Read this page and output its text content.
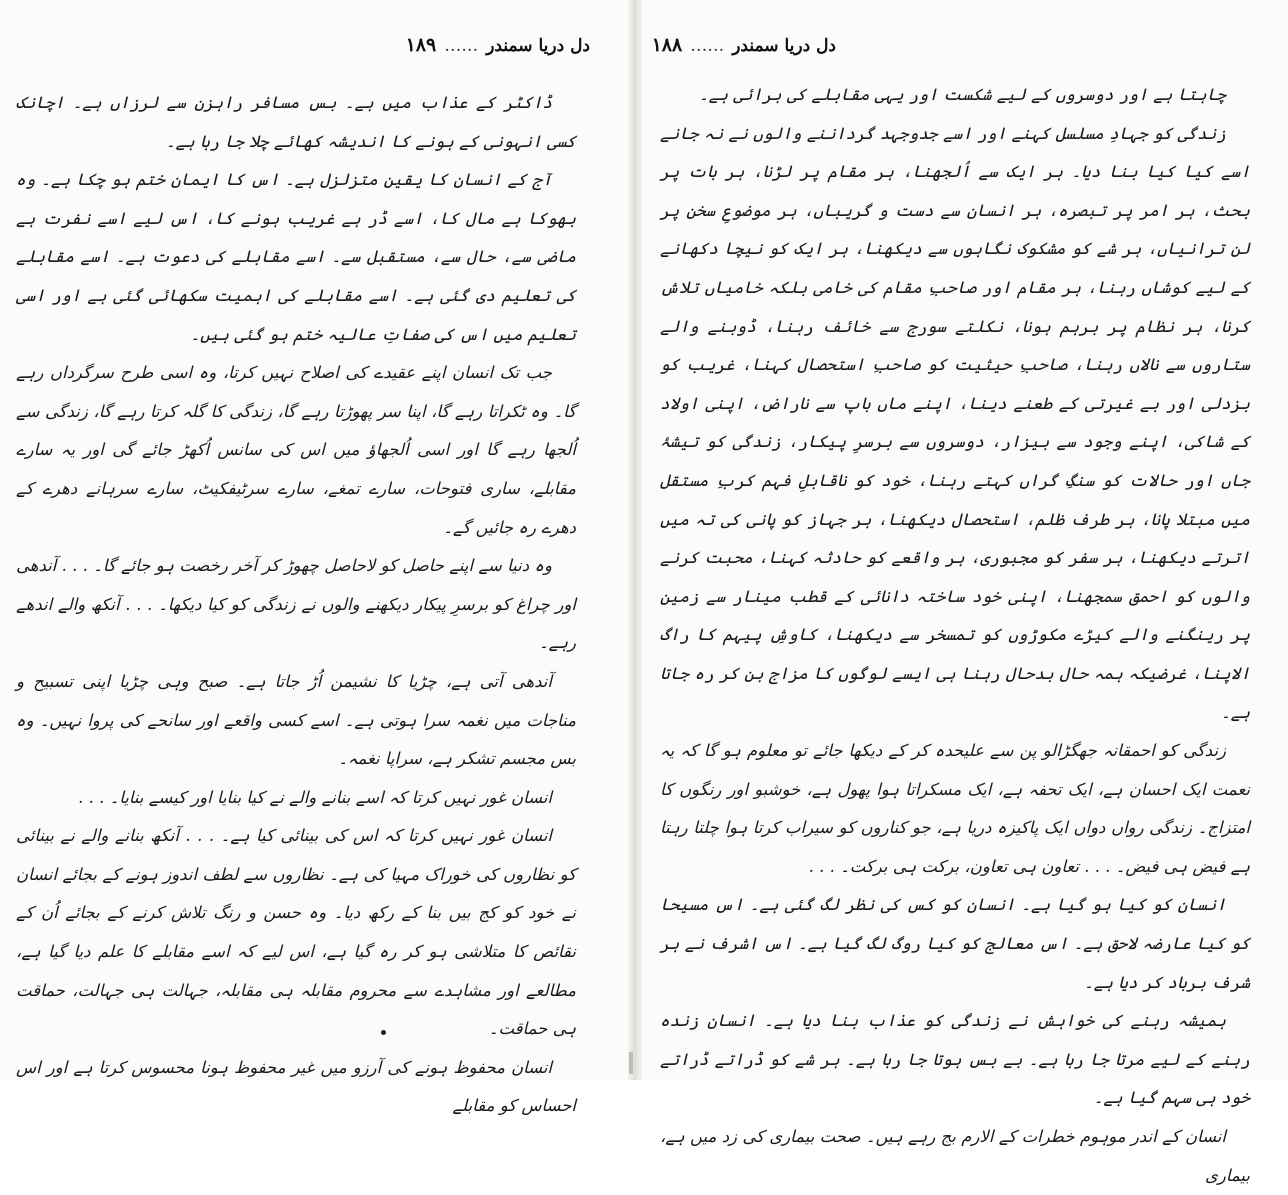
دل دریا سمندر
……
۱۸۹

ڈاکٹر کے عذاب میں ہے۔ بس مسافر راہزن سے لرزاں ہے۔ اچانک کسی انہونی کے ہونے کا اندیشہ کھائے چلا جا رہا ہے۔

آج کے انسان کا یقین متزلزل ہے۔ اس کا ایمان ختم ہو چکا ہے۔ وہ بھوکا ہے مال کا، اسے ڈر ہے غریب ہونے کا، اس لیے اسے نفرت ہے ماضی سے، حال سے، مستقبل سے۔ اسے مقابلے کی دعوت ہے۔ اسے مقابلے کی تعلیم دی گئی ہے۔ اسے مقابلے کی اہمیت سکھائی گئی ہے اور اسی تعلیم میں اس کی صفاتِ عالیہ ختم ہو گئی ہیں۔

جب تک انسان اپنے عقیدے کی اصلاح نہیں کرتا، وہ اسی طرح سرگرداں رہے گا۔ وہ ٹکراتا رہے گا، اپنا سر پھوڑتا رہے گا، زندگی کا گلہ کرتا رہے گا، زندگی سے اُلجھا رہے گا اور اسی اُلجھاؤ میں اس کی سانس اُکھڑ جائے گی اور یہ سارے مقابلے، ساری فتوحات، سارے تمغے، سارے سرٹیفکیٹ، سارے سرہانے دھرے کے دھرے رہ جائیں گے۔

وہ دنیا سے اپنے حاصل کو لاحاصل چھوڑ کر آخر رخصت ہو جائے گا۔ . . . آندھی اور چراغ کو برسرِ پیکار دیکھنے والوں نے زندگی کو کیا دیکھا۔ . . . آنکھ والے اندھے رہے۔

آندھی آتی ہے، چڑیا کا نشیمن اُڑ جاتا ہے۔ صبح وہی چڑیا اپنی تسبیح و مناجات میں نغمہ سرا ہوتی ہے۔ اسے کسی واقعے اور سانحے کی پروا نہیں۔ وہ بس مجسم تشکر ہے، سراپا نغمہ۔

انسان غور نہیں کرتا کہ اسے بنانے والے نے کیا بنایا اور کیسے بنایا۔ . . .

انسان غور نہیں کرتا کہ اس کی بینائی کیا ہے۔ . . . آنکھ بنانے والے نے بینائی کو نظاروں کی خوراک مہیا کی ہے۔ نظاروں سے لطف اندوز ہونے کے بجائے انسان نے خود کو کج بیں بنا کے رکھ دیا۔ وہ حسن و رنگ تلاش کرنے کے بجائے اُن کے نقائص کا متلاشی ہو کر رہ گیا ہے، اس لیے کہ اسے مقابلے کا علم دیا گیا ہے، مطالعے اور مشاہدے سے محروم مقابلہ ہی مقابلہ، جہالت ہی جہالت، حماقت ہی حماقت۔

انسان محفوظ ہونے کی آرزو میں غیر محفوظ ہونا محسوس کرتا ہے اور اس احساس کو مقابلے

دل دریا سمندر
……
۱۸۸

چاہتا ہے اور دوسروں کے لیے شکست اور یہی مقابلے کی برائی ہے۔

زندگی کو جہادِ مسلسل کہنے اور اسے جدوجہد گرداننے والوں نے نہ جانے اسے کیا کیا بنا دیا۔ ہر ایک سے اُلجھنا، ہر مقام پر لڑنا، ہر بات پر بحث، ہر امر پر تبصرہ، ہر انسان سے دست و گریباں، ہر موضوعِ سخن پر لن ترانیاں، ہر شے کو مشکوک نگاہوں سے دیکھنا، ہر ایک کو نیچا دکھانے کے لیے کوشاں رہنا، ہر مقام اور صاحبِ مقام کی خامی بلکہ خامیاں تلاش کرنا، ہر نظام پر برہم ہونا، نکلتے سورج سے خائف رہنا، ڈوبنے والے ستاروں سے نالاں رہنا، صاحبِ حیثیت کو صاحبِ استحصال کہنا، غریب کو بزدلی اور بے غیرتی کے طعنے دینا، اپنے ماں باپ سے ناراض، اپنی اولاد کے شاکی، اپنے وجود سے بیزار، دوسروں سے برسرِ پیکار، زندگی کو تیشۂ جاں اور حالات کو سنگِ گراں کہتے رہنا، خود کو ناقابلِ فہم کربِ مستقل میں مبتلا پانا، ہر طرف ظلم، استحصال دیکھنا، ہر جہاز کو پانی کی تہ میں اترتے دیکھنا، ہر سفر کو مجبوری، ہر واقعے کو حادثہ کہنا، محبت کرنے والوں کو احمق سمجھنا، اپنی خود ساختہ دانائی کے قطب مینار سے زمین پر رینگنے والے کیڑے مکوڑوں کو تمسخر سے دیکھنا، کاوشِ پیہم کا راگ الاپنا، غرضیکہ ہمہ حال بدحال رہنا ہی ایسے لوگوں کا مزاج بن کر رہ جاتا ہے۔

زندگی کو احمقانہ جھگڑالو پن سے علیحدہ کر کے دیکھا جائے تو معلوم ہو گا کہ یہ نعمت ایک احسان ہے، ایک تحفہ ہے، ایک مسکراتا ہوا پھول ہے، خوشبو اور رنگوں کا امتزاج۔ زندگی رواں دواں ایک پاکیزہ دریا ہے، جو کناروں کو سیراب کرتا ہوا چلتا رہتا ہے فیض ہی فیض۔ . . . تعاون ہی تعاون، برکت ہی برکت۔ . . .

انسان کو کیا ہو گیا ہے۔ انسان کو کس کی نظر لگ گئی ہے۔ اس مسیحا کو کیا عارضہ لاحق ہے۔ اس معالج کو کیا روگ لگ گیا ہے۔ اس اشرف نے ہر شرف برباد کر دیا ہے۔

ہمیشہ رہنے کی خواہش نے زندگی کو عذاب بنا دیا ہے۔ انسان زندہ رہنے کے لیے مرتا جا رہا ہے۔ بے بس ہوتا جا رہا ہے۔ ہر شے کو ڈراتے ڈراتے خود ہی سہم گیا ہے۔

انسان کے اندر موہوم خطرات کے الارم بج رہے ہیں۔ صحت بیماری کی زد میں ہے، بیماری
